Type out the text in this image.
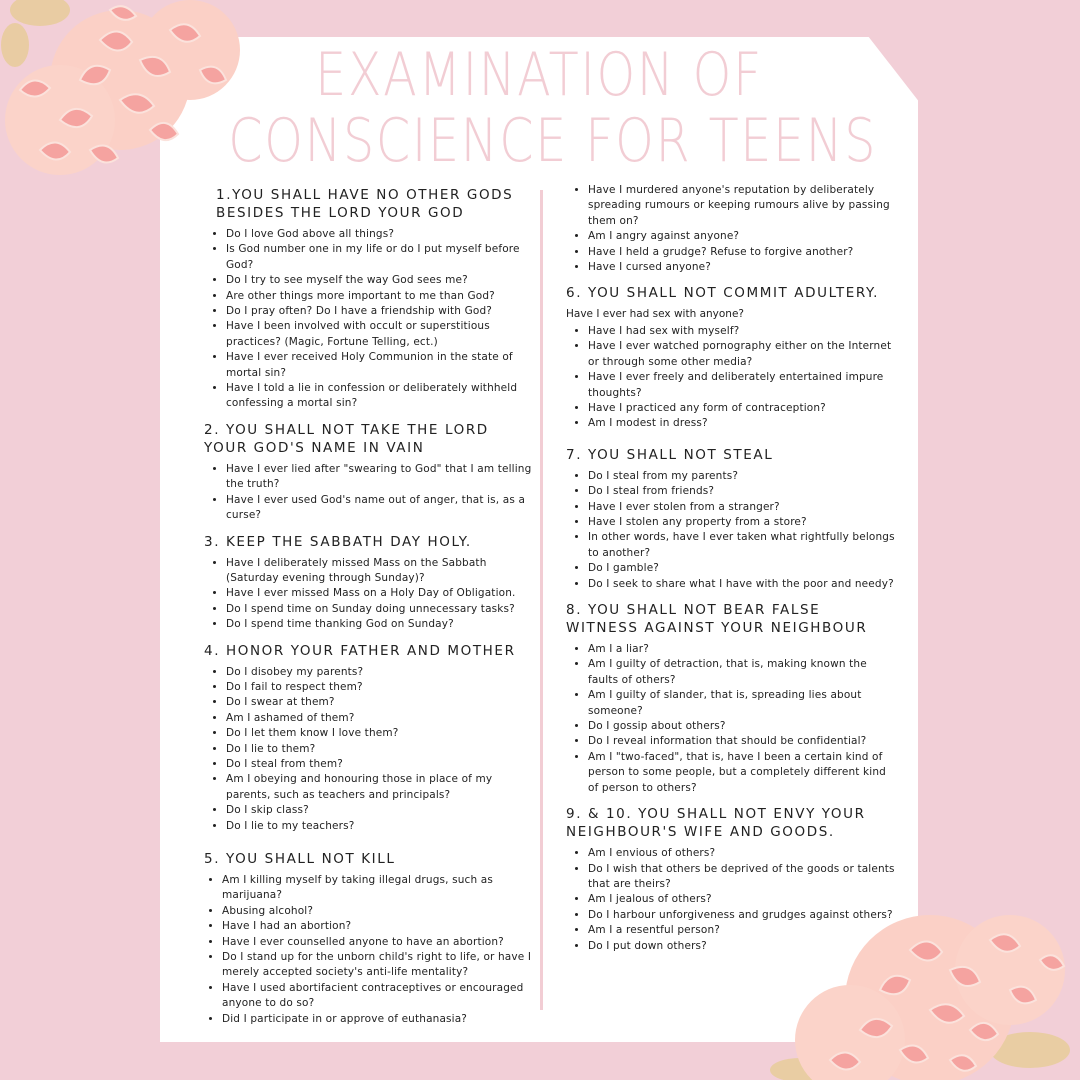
EXAMINATION OF
CONSCIENCE FOR TEENS
1.YOU SHALL HAVE NO OTHER GODS BESIDES THE LORD YOUR GOD
• Do I love God above all things?
• Is God number one in my life or do I put myself before God?
• Do I try to see myself the way God sees me?
• Are other things more important to me than God?
• Do I pray often? Do I have a friendship with God?
• Have I been involved with occult or superstitious practices? (Magic, Fortune Telling, ect.)
• Have I ever received Holy Communion in the state of mortal sin?
• Have I told a lie in confession or deliberately withheld confessing a mortal sin?
2. YOU SHALL NOT TAKE THE LORD YOUR GOD'S NAME IN VAIN
• Have I ever lied after "swearing to God" that I am telling the truth?
• Have I ever used God's name out of anger, that is, as a curse?
3. KEEP THE SABBATH DAY HOLY.
• Have I deliberately missed Mass on the Sabbath (Saturday evening through Sunday)?
• Have I ever missed Mass on a Holy Day of Obligation.
• Do I spend time on Sunday doing unnecessary tasks?
• Do I spend time thanking God on Sunday?
4. HONOR YOUR FATHER AND MOTHER
• Do I disobey my parents?
• Do I fail to respect them?
• Do I swear at them?
• Am I ashamed of them?
• Do I let them know I love them?
• Do I lie to them?
• Do I steal from them?
• Am I obeying and honouring those in place of my parents, such as teachers and principals?
• Do I skip class?
• Do I lie to my teachers?
5. YOU SHALL NOT KILL
• Am I killing myself by taking illegal drugs, such as marijuana?
• Abusing alcohol?
• Have I had an abortion?
• Have I ever counselled anyone to have an abortion?
• Do I stand up for the unborn child's right to life, or have I merely accepted society's anti-life mentality?
• Have I used abortifacient contraceptives or encouraged anyone to do so?
• Did I participate in or approve of euthanasia?
• Have I murdered anyone's reputation by deliberately spreading rumours or keeping rumours alive by passing them on?
• Am I angry against anyone?
• Have I held a grudge? Refuse to forgive another?
• Have I cursed anyone?
6. YOU SHALL NOT COMMIT ADULTERY.

Have I ever had sex with anyone?

• Have I had sex with myself?
• Have I ever watched pornography either on the Internet or through some other media?
• Have I ever freely and deliberately entertained impure thoughts?
• Have I practiced any form of contraception?
• Am I modest in dress?
7. YOU SHALL NOT STEAL
• Do I steal from my parents?
• Do I steal from friends?
• Have I ever stolen from a stranger?
• Have I stolen any property from a store?
• In other words, have I ever taken what rightfully belongs to another?
• Do I gamble?
• Do I seek to share what I have with the poor and needy?
8. YOU SHALL NOT BEAR FALSE WITNESS AGAINST YOUR NEIGHBOUR
• Am I a liar?
• Am I guilty of detraction, that is, making known the faults of others?
• Am I guilty of slander, that is, spreading lies about someone?
• Do I gossip about others?
• Do I reveal information that should be confidential?
• Am I "two-faced", that is, have I been a certain kind of person to some people, but a completely different kind of person to others?
9. & 10. YOU SHALL NOT ENVY YOUR NEIGHBOUR'S WIFE AND GOODS.
• Am I envious of others?
• Do I wish that others be deprived of the goods or talents that are theirs?
• Am I jealous of others?
• Do I harbour unforgiveness and grudges against others?
• Am I a resentful person?
• Do I put down others?
